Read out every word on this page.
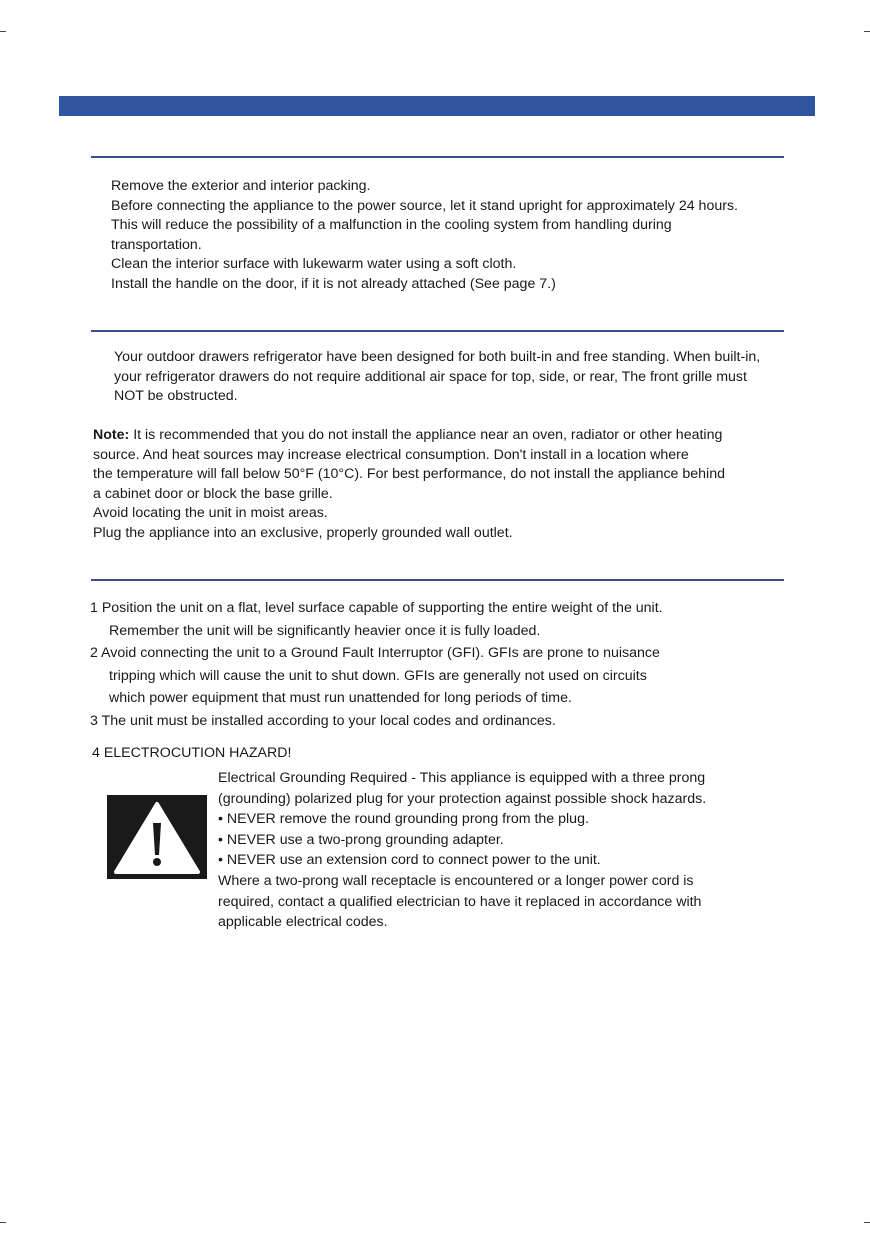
Remove the exterior and interior packing.

Before connecting the appliance to the power source, let it stand upright for approximately 24 hours.

This will reduce the possibility of a malfunction in the cooling system from handling during

transportation.

Clean the interior surface with lukewarm water using a soft cloth.

Install the handle on the door, if it is not already attached (See page 7.)

Your outdoor drawers refrigerator have been designed for both built-in and free standing. When built-in,

your refrigerator drawers do not require additional air space for top, side, or rear, The front grille must

NOT be obstructed.

Note: It is recommended that you do not install the appliance near an oven, radiator or other heating

source. And heat sources may increase electrical consumption. Don't install in a location where

the temperature will fall below 50°F (10°C). For best performance, do not install the appliance behind

a cabinet door or block the base grille.

Avoid locating the unit in moist areas.

Plug the appliance into an exclusive, properly grounded wall outlet.

1 Position the unit on a flat, level surface capable of supporting the entire weight of the unit.

Remember the unit will be significantly heavier once it is fully loaded.

2 Avoid connecting the unit to a Ground Fault Interruptor (GFI). GFIs are prone to nuisance

tripping which will cause the unit to shut down. GFIs are generally not used on circuits

which power equipment that must run unattended for long periods of time.

3 The unit must be installed according to your local codes and ordinances.

4 ELECTROCUTION HAZARD!

Electrical Grounding Required - This appliance is equipped with a three prong

(grounding) polarized plug for your protection against possible shock hazards.

• NEVER remove the round grounding prong from the plug.

• NEVER use a two-prong grounding adapter.

• NEVER use an extension cord to connect power to the unit.

Where a two-prong wall receptacle is encountered or a longer power cord is

required, contact a qualified electrician to have it replaced in accordance with

applicable electrical codes.
